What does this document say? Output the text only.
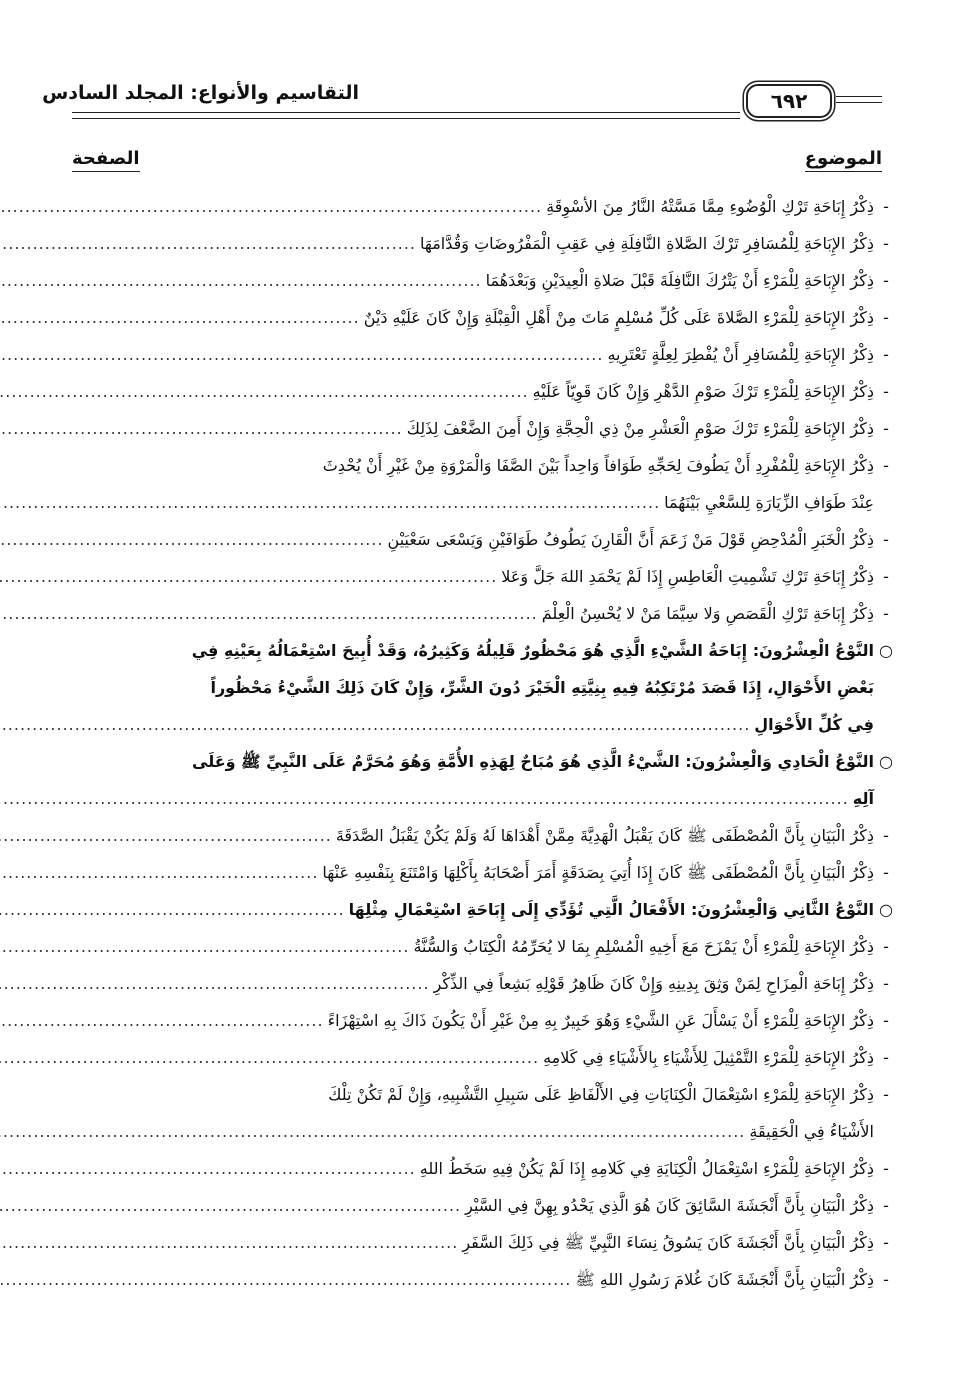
التقاسيم والأنواع: المجلد السادس	٦٩٢
الموضوع
الصفحة
-
ذِكْرُ إِبَاحَةِ تَرْكِ الْوُضُوءِ مِمَّا مَسَّتْهُ النَّارُ مِنَ الأسْوِقَةِ
.....
-
ذِكْرُ الإِبَاحَةِ لِلْمُسَافِرِ تَرْكَ الصَّلاةِ النَّافِلَةِ فِي عَقِبِ الْمَفْرُوضَاتِ وَقُدَّامَهَا
.....
-
ذِكْرُ الإِبَاحَةِ لِلْمَرْءِ أَنْ يَتْرُكَ النَّافِلَةَ قَبْلَ صَلاةِ الْعِيدَيْنِ وَبَعْدَهُمَا
.....
-
ذِكْرُ الإِبَاحَةِ لِلْمَرْءِ الصَّلاةَ عَلَى كُلِّ مُسْلِمٍ مَاتَ مِنْ أَهْلِ الْقِبْلَةِ وَإِنْ كَانَ عَلَيْهِ دَيْنٌ
.....
-
ذِكْرُ الإِبَاحَةِ لِلْمُسَافِرِ أَنْ يُفْطِرَ لِعِلَّةٍ تَعْتَرِيهِ
.....
-
ذِكْرُ الإِبَاحَةِ لِلْمَرْءِ تَرْكَ صَوْمِ الدَّهْرِ وَإِنْ كَانَ قَوِيّاً عَلَيْهِ
.....
-
ذِكْرُ الإِبَاحَةِ لِلْمَرْءِ تَرْكَ صَوْمِ الْعَشْرِ مِنْ ذِي الْحِجَّةِ وَإِنْ أَمِنَ الضَّعْفَ لِذَلِكَ
.....
-
ذِكْرُ الإِبَاحَةِ لِلْمُفْرِدِ أَنْ يَطُوفَ لِحَجِّهِ طَوَافاً وَاحِداً بَيْنَ الصَّفَا وَالْمَرْوَةِ مِنْ غَيْرِ أَنْ يُحْدِثَ
عِنْدَ طَوَافِ الزِّيَارَةِ لِلسَّعْيِ بَيْنَهُمَا
.....
-
ذِكْرُ الْخَبَرِ الْمُدْحِضِ قَوْلَ مَنْ زَعَمَ أَنَّ الْقَارِنَ يَطُوفُ طَوَافَيْنِ وَيَسْعَى سَعْيَيْنِ
.....
-
ذِكْرُ إِبَاحَةِ تَرْكِ تَشْمِيتِ الْعَاطِسِ إِذَا لَمْ يَحْمَدِ اللهَ جَلَّ وَعَلا
.....
-
ذِكْرُ إِبَاحَةِ تَرْكِ الْقَصَصِ وَلا سِيَّمَا مَنْ لا يُحْسِنُ الْعِلْمَ
.....
○
النَّوْعُ الْعِشْرُونَ: إِبَاحَةُ الشَّيْءِ الَّذِي هُوَ مَحْظُورٌ قَلِيلُهُ وَكَثِيرُهُ، وَقَدْ أُبِيحَ اسْتِعْمَالُهُ بِعَيْنِهِ فِي
بَعْضِ الأَحْوَالِ، إِذَا قَصَدَ مُرْتَكِبُهُ فِيهِ بِنِيَّتِهِ الْخَيْرَ دُونَ الشَّرِّ، وَإِنْ كَانَ ذَلِكَ الشَّيْءُ مَحْظُوراً
فِي كُلِّ الأَحْوَالِ
.....
○
النَّوْعُ الْحَادِي وَالْعِشْرُونَ: الشَّيْءُ الَّذِي هُوَ مُبَاحٌ لِهَذِهِ الأُمَّةِ وَهُوَ مُحَرَّمٌ عَلَى النَّبِيِّ ﷺ وَعَلَى
آلِهِ
.....
-
ذِكْرُ الْبَيَانِ بِأَنَّ الْمُصْطَفَى ﷺ كَانَ يَقْبَلُ الْهَدِيَّةَ مِمَّنْ أَهْدَاهَا لَهُ وَلَمْ يَكُنْ يَقْبَلُ الصَّدَقَةَ
.....
-
ذِكْرُ الْبَيَانِ بِأَنَّ الْمُصْطَفَى ﷺ كَانَ إِذَا أُتِيَ بِصَدَقَةٍ أَمَرَ أَصْحَابَهُ بِأَكْلِهَا وَامْتَنَعَ بِنَفْسِهِ عَنْهَا
.....
○
النَّوْعُ الثَّانِي وَالْعِشْرُونَ: الأَفْعَالُ الَّتِي تُؤَدِّي إِلَى إِبَاحَةِ اسْتِعْمَالِ مِثْلِهَا
.....
-
ذِكْرُ الإِبَاحَةِ لِلْمَرْءِ أَنْ يَمْزَحَ مَعَ أَخِيهِ الْمُسْلِمِ بِمَا لا يُحَرِّمُهُ الْكِتَابُ وَالسُّنَّةُ
.....
-
ذِكْرُ إِبَاحَةِ الْمِزَاحِ لِمَنْ وَثِقَ بِدِينِهِ وَإِنْ كَانَ ظَاهِرُ قَوْلِهِ بَشِعاً فِي الذِّكْرِ
.....
-
ذِكْرُ الإِبَاحَةِ لِلْمَرْءِ أَنْ يَسْأَلَ عَنِ الشَّيْءِ وَهُوَ خَبِيرٌ بِهِ مِنْ غَيْرِ أَنْ يَكُونَ ذَاكَ بِهِ اسْتِهْزَاءً
.....
-
ذِكْرُ الإِبَاحَةِ لِلْمَرْءِ التَّمْثِيلَ لِلأَشْيَاءِ بِالأَشْيَاءِ فِي كَلامِهِ
.....
-
ذِكْرُ الإِبَاحَةِ لِلْمَرْءِ اسْتِعْمَالَ الْكِنَايَاتِ فِي الأَلْفَاظِ عَلَى سَبِيلِ التَّشْبِيهِ، وَإِنْ لَمْ تَكُنْ تِلْكَ
الأَشْيَاءُ فِي الْحَقِيقَةِ
.....
-
ذِكْرُ الإِبَاحَةِ لِلْمَرْءِ اسْتِعْمَالُ الْكِنَايَةِ فِي كَلامِهِ إِذَا لَمْ يَكُنْ فِيهِ سَخَطُ اللهِ
.....
-
ذِكْرُ الْبَيَانِ بِأَنَّ أَنْجَشَةَ السَّائِقَ كَانَ هُوَ الَّذِي يَحْدُو بِهِنَّ فِي السَّيْرِ
.....
-
ذِكْرُ الْبَيَانِ بِأَنَّ أَنْجَشَةَ كَانَ يَسُوقُ نِسَاءَ النَّبِيِّ ﷺ فِي ذَلِكَ السَّفَرِ
.....
-
ذِكْرُ الْبَيَانِ بِأَنَّ أَنْجَشَةَ كَانَ غُلامَ رَسُولِ اللهِ ﷺ
.....
